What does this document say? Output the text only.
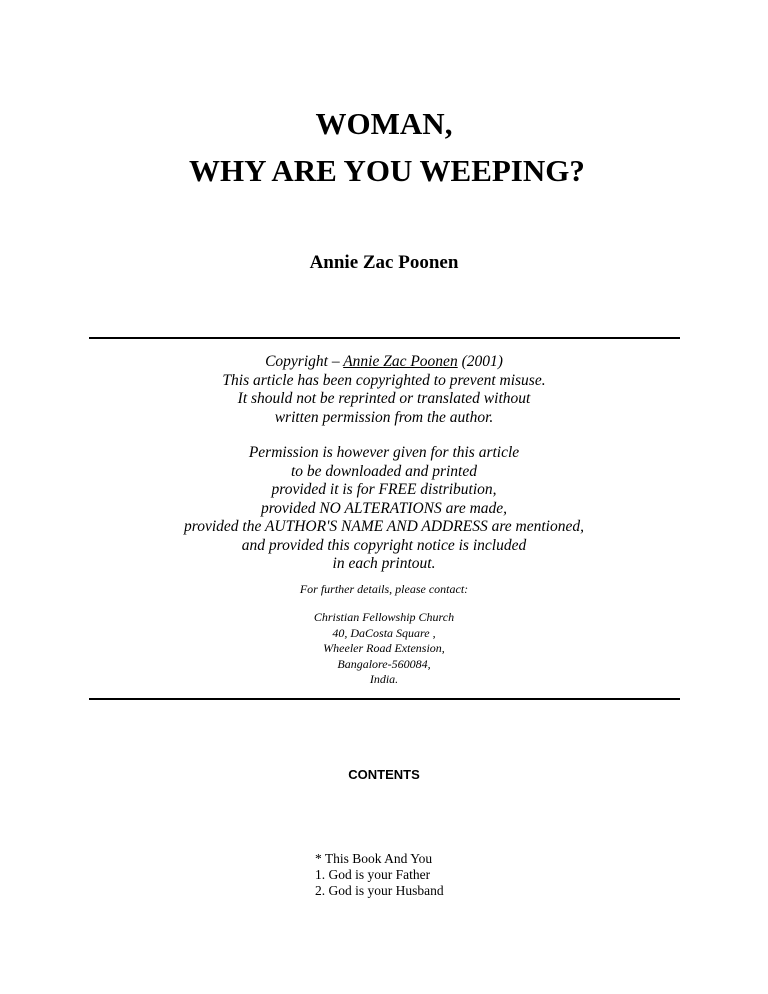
WOMAN,
WHY ARE YOU WEEPING?
Annie Zac Poonen
Copyright – Annie Zac Poonen (2001)
This article has been copyrighted to prevent misuse.
It should not be reprinted or translated without
written permission from the author.
Permission is however given for this article
to be downloaded and printed
provided it is for FREE distribution,
provided NO ALTERATIONS are made,
provided the AUTHOR'S NAME AND ADDRESS are mentioned,
and provided this copyright notice is included
in each printout.
For further details, please contact:
Christian Fellowship Church
40, DaCosta Square ,
Wheeler Road Extension,
Bangalore-560084,
India.
CONTENTS
* This Book And You
1. God is your Father
2. God is your Husband
